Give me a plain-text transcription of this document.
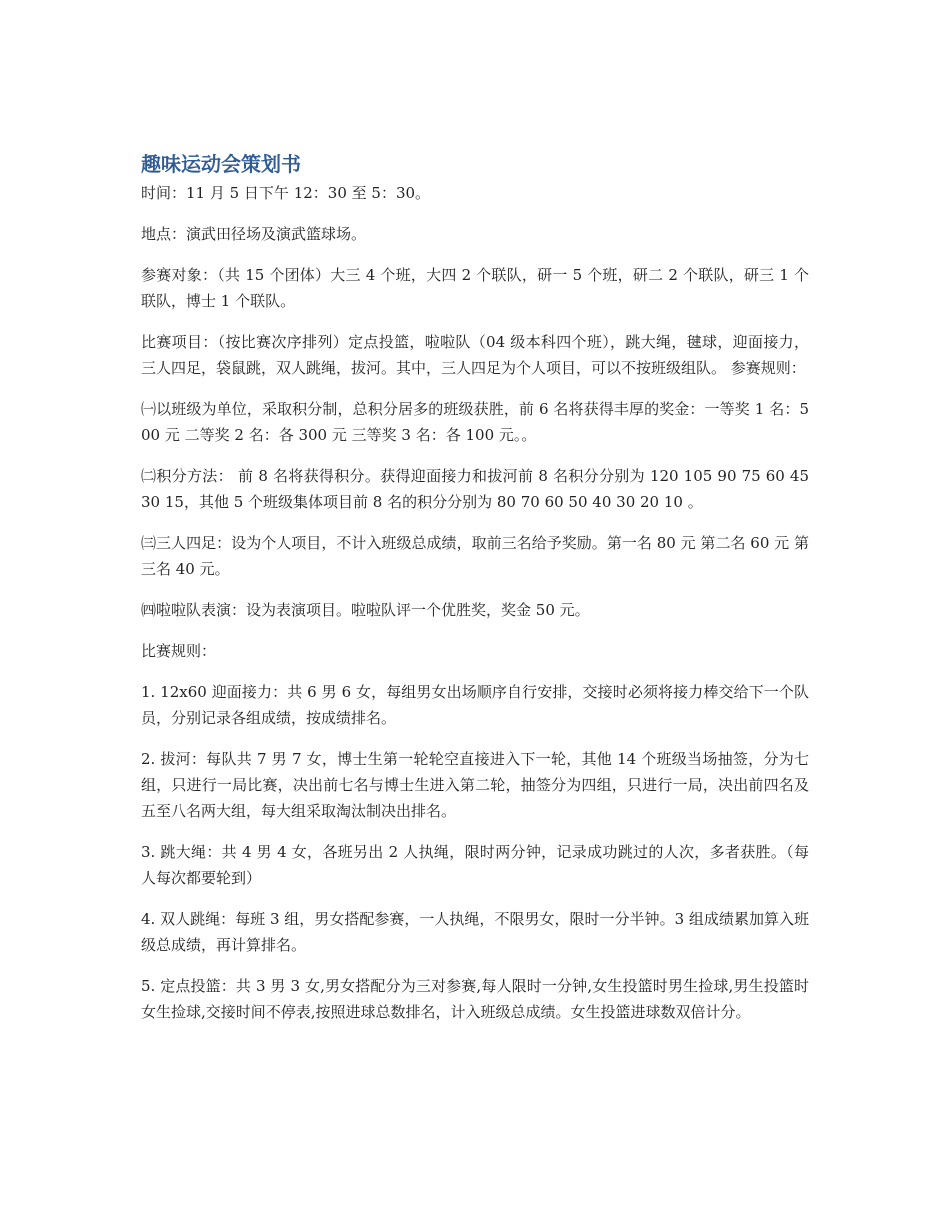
趣味运动会策划书

时间：11 月 5 日下午 12：30 至 5：30。

地点：演武田径场及演武篮球场。

参赛对象：（共 15 个团体）大三 4 个班，大四 2 个联队，研一 5 个班，研二 2 个联队，研三 1 个联队，博士 1 个联队。

比赛项目：（按比赛次序排列）定点投篮，啦啦队（04 级本科四个班），跳大绳，毽球，迎面接力，三人四足，袋鼠跳，双人跳绳，拔河。其中，三人四足为个人项目，可以不按班级组队。 参赛规则：

㈠以班级为单位，采取积分制，总积分居多的班级获胜，前 6 名将获得丰厚的奖金：一等奖 1 名：500 元 二等奖 2 名：各 300 元 三等奖 3 名：各 100 元。。

㈡积分方法： 前 8 名将获得积分。获得迎面接力和拔河前 8 名积分分别为 120 105 90 75 60 45 30 15，其他 5 个班级集体项目前 8 名的积分分别为 80 70 60 50 40 30 20 10 。

㈢三人四足：设为个人项目，不计入班级总成绩，取前三名给予奖励。第一名 80 元 第二名 60 元 第三名 40 元。

㈣啦啦队表演：设为表演项目。啦啦队评一个优胜奖，奖金 50 元。

比赛规则：

1. 12x60 迎面接力：共 6 男 6 女，每组男女出场顺序自行安排，交接时必须将接力棒交给下一个队员，分别记录各组成绩，按成绩排名。

2. 拔河：每队共 7 男 7 女，博士生第一轮轮空直接进入下一轮，其他 14 个班级当场抽签，分为七组，只进行一局比赛，决出前七名与博士生进入第二轮，抽签分为四组，只进行一局，决出前四名及五至八名两大组，每大组采取淘汰制决出排名。

3. 跳大绳：共 4 男 4 女，各班另出 2 人执绳，限时两分钟，记录成功跳过的人次，多者获胜。（每人每次都要轮到）

4. 双人跳绳：每班 3 组，男女搭配参赛，一人执绳，不限男女，限时一分半钟。3 组成绩累加算入班级总成绩，再计算排名。

5. 定点投篮：共 3 男 3 女,男女搭配分为三对参赛,每人限时一分钟,女生投篮时男生捡球,男生投篮时女生捡球,交接时间不停表,按照进球总数排名，计入班级总成绩。女生投篮进球数双倍计分。
